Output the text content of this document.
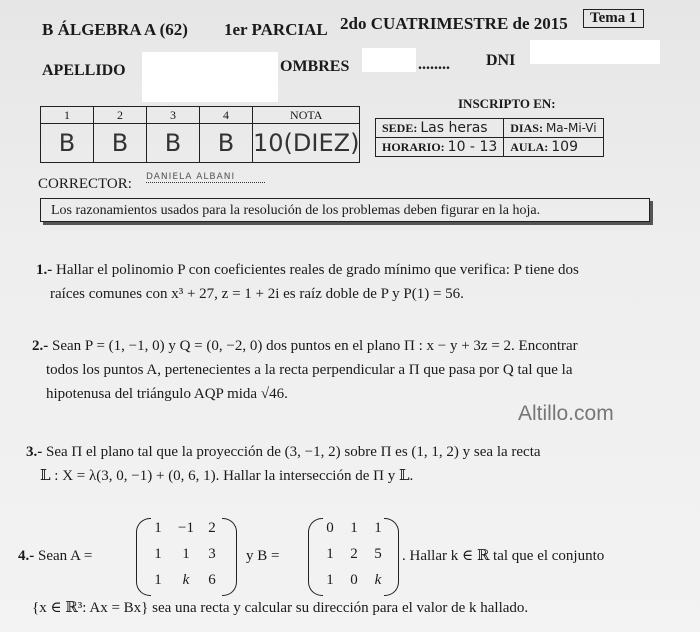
B ÁLGEBRA A (62) 1er PARCIAL 2do CUATRIMESTRE de 2015	Tema 1
APELLIDO	OMBRES	........ DNI
1	2	3	4	NOTA
B	B	B	B	10(DIEZ)
INSCRIPTO EN:
SEDE: Las heras	DIAS: Ma-Mi-Vi
HORARIO: 10 - 13	AULA: 109
CORRECTOR: DANIELA ALBANI
Los razonamientos usados para la resolución de los problemas deben figurar en la hoja.
1.- Hallar el polinomio P con coeficientes reales de grado mínimo que verifica: P tiene dos
raíces comunes con x³ + 27, z = 1 + 2i es raíz doble de P y P(1) = 56.
2.- Sean P = (1, −1, 0) y Q = (0, −2, 0) dos puntos en el plano Π : x − y + 3z = 2. Encontrar
todos los puntos A, pertenecientes a la recta perpendicular a Π que pasa por Q tal que la
hipotenusa del triángulo AQP mida √46.
Altillo.com
3.- Sea Π el plano tal que la proyección de (3, −1, 2) sobre Π es (1, 1, 2) y sea la recta
𝕃 : X = λ(3, 0, −1) + (0, 6, 1). Hallar la intersección de Π y 𝕃.
4.- Sean A =
1	−1 2
1	1	3
1	k	6
y B =
0	1	1
1	2	5
1	0	k
. Hallar k ∈ ℝ tal que el conjunto
{x ∈ ℝ³: Ax = Bx} sea una recta y calcular su dirección para el valor de k hallado.
